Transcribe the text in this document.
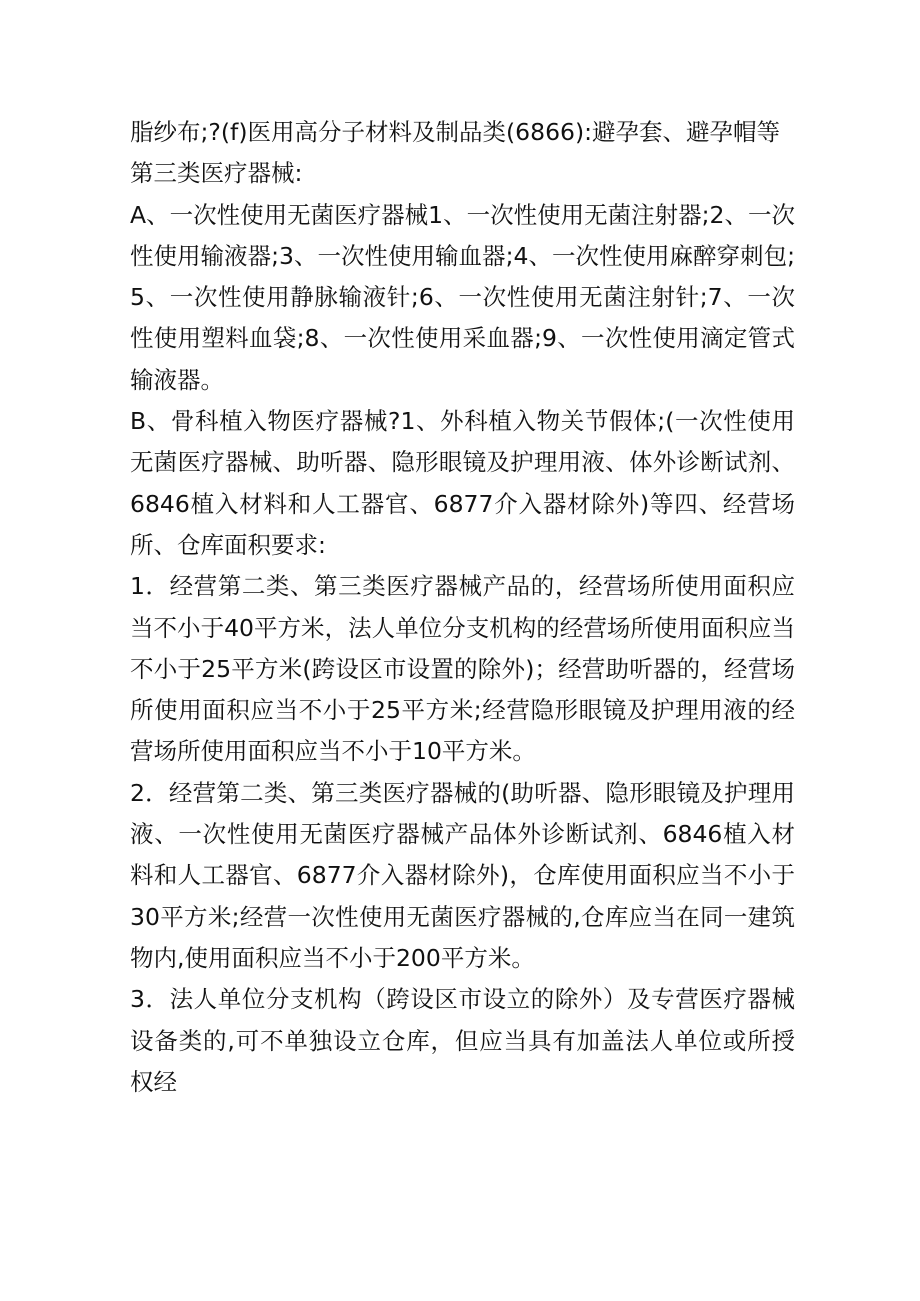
脂纱布;?(f)医用高分子材料及制品类(6866):避孕套、避孕帽等

第三类医疗器械:

A、一次性使用无菌医疗器械1、一次性使用无菌注射器;2、一次性使用输液器;3、一次性使用输血器;4、一次性使用麻醉穿刺包;5、一次性使用静脉输液针;6、一次性使用无菌注射针;7、一次性使用塑料血袋;8、一次性使用采血器;9、一次性使用滴定管式输液器。

B、骨科植入物医疗器械?1、外科植入物关节假体;(一次性使用无菌医疗器械、助听器、隐形眼镜及护理用液、体外诊断试剂、6846植入材料和人工器官、6877介入器材除外)等四、经营场所、仓库面积要求:

1．经营第二类、第三类医疗器械产品的，经营场所使用面积应当不小于40平方米，法人单位分支机构的经营场所使用面积应当不小于25平方米(跨设区市设置的除外)；经营助听器的，经营场所使用面积应当不小于25平方米;经营隐形眼镜及护理用液的经营场所使用面积应当不小于10平方米。

2．经营第二类、第三类医疗器械的(助听器、隐形眼镜及护理用液、一次性使用无菌医疗器械产品体外诊断试剂、6846植入材料和人工器官、6877介入器材除外)，仓库使用面积应当不小于30平方米;经营一次性使用无菌医疗器械的,仓库应当在同一建筑物内,使用面积应当不小于200平方米。

3．法人单位分支机构（跨设区市设立的除外）及专营医疗器械设备类的,可不单独设立仓库，但应当具有加盖法人单位或所授权经
